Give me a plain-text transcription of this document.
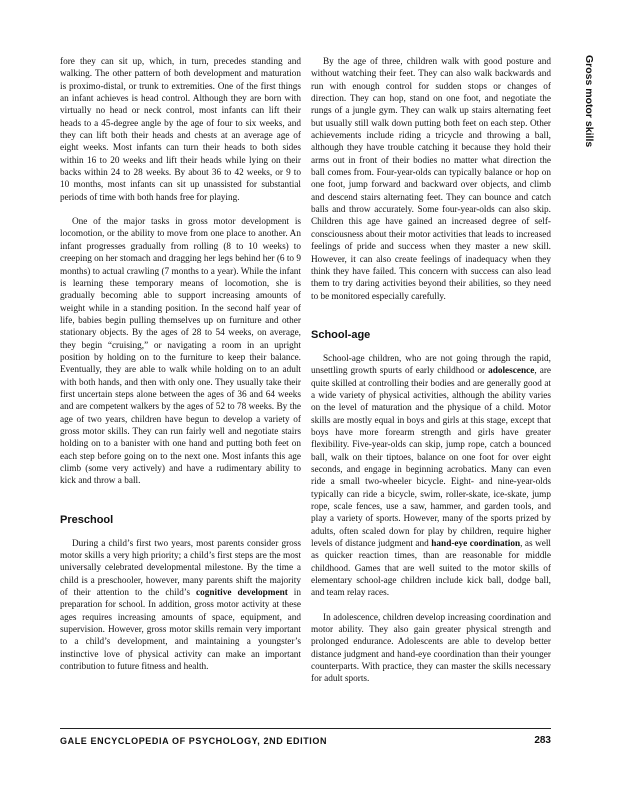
fore they can sit up, which, in turn, precedes standing and walking. The other pattern of both development and maturation is proximo-distal, or trunk to extremities. One of the first things an infant achieves is head control. Although they are born with virtually no head or neck control, most infants can lift their heads to a 45-degree angle by the age of four to six weeks, and they can lift both their heads and chests at an average age of eight weeks. Most infants can turn their heads to both sides within 16 to 20 weeks and lift their heads while lying on their backs within 24 to 28 weeks. By about 36 to 42 weeks, or 9 to 10 months, most infants can sit up unassisted for substantial periods of time with both hands free for playing.

One of the major tasks in gross motor development is locomotion, or the ability to move from one place to another. An infant progresses gradually from rolling (8 to 10 weeks) to creeping on her stomach and dragging her legs behind her (6 to 9 months) to actual crawling (7 months to a year). While the infant is learning these temporary means of locomotion, she is gradually becoming able to support increasing amounts of weight while in a standing position. In the second half year of life, babies begin pulling themselves up on furniture and other stationary objects. By the ages of 28 to 54 weeks, on average, they begin “cruising,” or navigating a room in an upright position by holding on to the furniture to keep their balance. Eventually, they are able to walk while holding on to an adult with both hands, and then with only one. They usually take their first uncertain steps alone between the ages of 36 and 64 weeks and are competent walkers by the ages of 52 to 78 weeks. By the age of two years, children have begun to develop a variety of gross motor skills. They can run fairly well and negotiate stairs holding on to a banister with one hand and putting both feet on each step before going on to the next one. Most infants this age climb (some very actively) and have a rudimentary ability to kick and throw a ball.

Preschool

During a child’s first two years, most parents consider gross motor skills a very high priority; a child’s first steps are the most universally celebrated developmental milestone. By the time a child is a preschooler, however, many parents shift the majority of their attention to the child’s cognitive development in preparation for school. In addition, gross motor activity at these ages requires increasing amounts of space, equipment, and supervision. However, gross motor skills remain very important to a child’s development, and maintaining a youngster’s instinctive love of physical activity can make an important contribution to future fitness and health.

By the age of three, children walk with good posture and without watching their feet. They can also walk backwards and run with enough control for sudden stops or changes of direction. They can hop, stand on one foot, and negotiate the rungs of a jungle gym. They can walk up stairs alternating feet but usually still walk down putting both feet on each step. Other achievements include riding a tricycle and throwing a ball, although they have trouble catching it because they hold their arms out in front of their bodies no matter what direction the ball comes from. Four-year-olds can typically balance or hop on one foot, jump forward and backward over objects, and climb and descend stairs alternating feet. They can bounce and catch balls and throw accurately. Some four-year-olds can also skip. Children this age have gained an increased degree of self-consciousness about their motor activities that leads to increased feelings of pride and success when they master a new skill. However, it can also create feelings of inadequacy when they think they have failed. This concern with success can also lead them to try daring activities beyond their abilities, so they need to be monitored especially carefully.

School-age

School-age children, who are not going through the rapid, unsettling growth spurts of early childhood or adolescence, are quite skilled at controlling their bodies and are generally good at a wide variety of physical activities, although the ability varies on the level of maturation and the physique of a child. Motor skills are mostly equal in boys and girls at this stage, except that boys have more forearm strength and girls have greater flexibility. Five-year-olds can skip, jump rope, catch a bounced ball, walk on their tiptoes, balance on one foot for over eight seconds, and engage in beginning acrobatics. Many can even ride a small two-wheeler bicycle. Eight- and nine-year-olds typically can ride a bicycle, swim, roller-skate, ice-skate, jump rope, scale fences, use a saw, hammer, and garden tools, and play a variety of sports. However, many of the sports prized by adults, often scaled down for play by children, require higher levels of distance judgment and hand-eye coordination, as well as quicker reaction times, than are reasonable for middle childhood. Games that are well suited to the motor skills of elementary school-age children include kick ball, dodge ball, and team relay races.

In adolescence, children develop increasing coordination and motor ability. They also gain greater physical strength and prolonged endurance. Adolescents are able to develop better distance judgment and hand-eye coordination than their younger counterparts. With practice, they can master the skills necessary for adult sports.

Gross motor skills
GALE ENCYCLOPEDIA OF PSYCHOLOGY, 2ND EDITION	283
